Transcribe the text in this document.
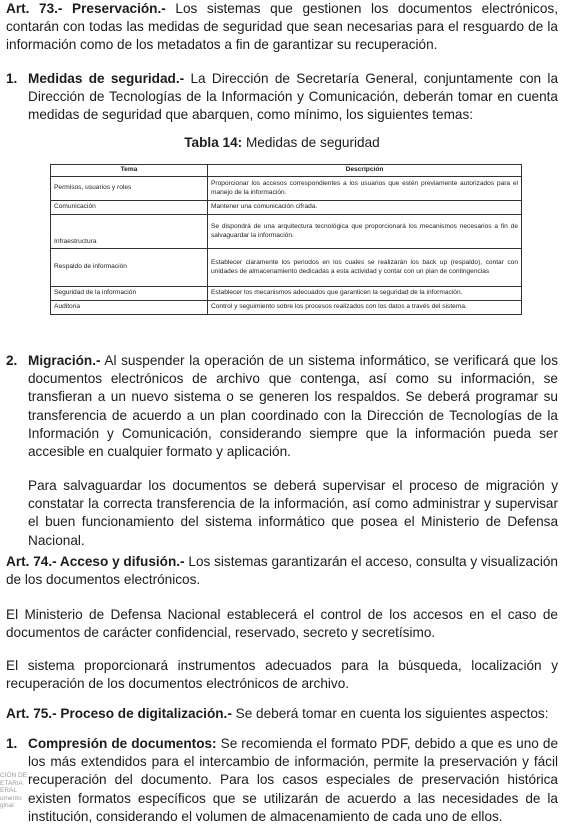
Art. 73.- Preservación.- Los sistemas que gestionen los documentos electrónicos, contarán con todas las medidas de seguridad que sean necesarias para el resguardo de la información como de los metadatos a fin de garantizar su recuperación.

1. Medidas de seguridad.- La Dirección de Secretaría General, conjuntamente con la Dirección de Tecnologías de la Información y Comunicación, deberán tomar en cuenta medidas de seguridad que abarquen, como mínimo, los siguientes temas:

Tabla 14: Medidas de seguridad

Tema	Descripción
Permisos, usuarios y roles	Proporcionar los accesos correspondientes a los usuarios que estén previamente autorizados para el manejo de la información.
Comunicación	Mantener una comunicación cifrada.
Infraestructura	Se dispondrá de una arquitectura tecnológica que proporcionará los mecanismos necesarios a fin de salvaguardar la información.
Respaldo de información	Establecer claramente los periodos en los cuales se realizarán los back up (respaldo), contar con unidades de almacenamiento dedicadas a esta actividad y contar con un plan de contingencias
Seguridad de la información	Establecer los mecanismos adecuados que garanticen la seguridad de la información.
Auditoria	Control y seguimiento sobre los procesos realizados con los datos a través del sistema.
2. Migración.- Al suspender la operación de un sistema informático, se verificará que los documentos electrónicos de archivo que contenga, así como su información, se transfieran a un nuevo sistema o se generen los respaldos. Se deberá programar su transferencia de acuerdo a un plan coordinado con la Dirección de Tecnologías de la Información y Comunicación, considerando siempre que la información pueda ser accesible en cualquier formato y aplicación.

Para salvaguardar los documentos se deberá supervisar el proceso de migración y constatar la correcta transferencia de la información, así como administrar y supervisar el buen funcionamiento del sistema informático que posea el Ministerio de Defensa Nacional.

Art. 74.- Acceso y difusión.- Los sistemas garantizarán el acceso, consulta y visualización de los documentos electrónicos.

El Ministerio de Defensa Nacional establecerá el control de los accesos en el caso de documentos de carácter confidencial, reservado, secreto y secretísimo.

El sistema proporcionará instrumentos adecuados para la búsqueda, localización y recuperación de los documentos electrónicos de archivo.

Art. 75.- Proceso de digitalización.- Se deberá tomar en cuenta los siguientes aspectos:

1. Compresión de documentos: Se recomienda el formato PDF, debido a que es uno de los más extendidos para el intercambio de información, permite la preservación y fácil recuperación del documento. Para los casos especiales de preservación histórica existen formatos específicos que se utilizarán de acuerdo a las necesidades de la institución, considerando el volumen de almacenamiento de cada uno de ellos.
CIÓN DE
ETARIA
ERAL
umento
ginal
